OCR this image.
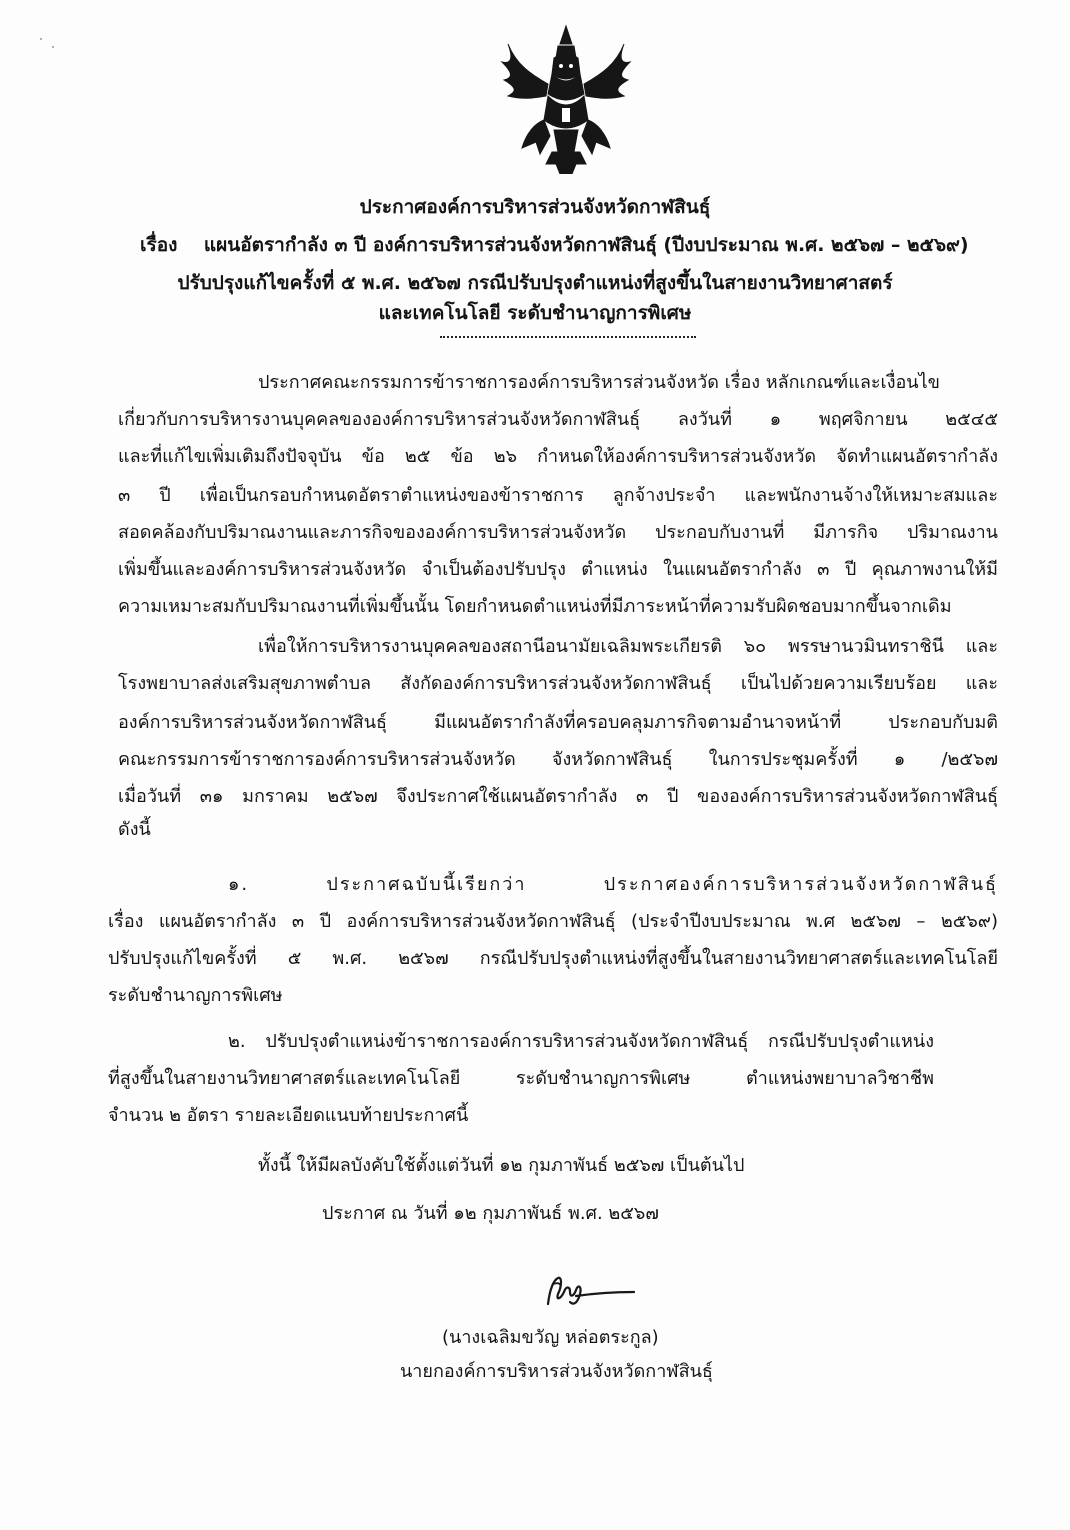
ประกาศองค์การบริหารส่วนจังหวัดกาฬสินธุ์
เรื่อง แผนอัตรากำลัง ๓ ปี องค์การบริหารส่วนจังหวัดกาฬสินธุ์ (ปีงบประมาณ พ.ศ. ๒๕๖๗ – ๒๕๖๙)
ปรับปรุงแก้ไขครั้งที่ ๕ พ.ศ. ๒๕๖๗ กรณีปรับปรุงตำแหน่งที่สูงขึ้นในสายงานวิทยาศาสตร์
และเทคโนโลยี ระดับชำนาญการพิเศษ
ประกาศคณะกรรมการข้าราชการองค์การบริหารส่วนจังหวัด เรื่อง หลักเกณฑ์และเงื่อนไข
เกี่ยวกับการบริหารงานบุคคลขององค์การบริหารส่วนจังหวัดกาฬสินธุ์ ลงวันที่ ๑ พฤศจิกายน ๒๕๔๕
และที่แก้ไขเพิ่มเติมถึงปัจจุบัน ข้อ ๒๕ ข้อ ๒๖ กำหนดให้องค์การบริหารส่วนจังหวัด จัดทำแผนอัตรากำลัง
๓ ปี เพื่อเป็นกรอบกำหนดอัตราตำแหน่งของข้าราชการ ลูกจ้างประจำ และพนักงานจ้างให้เหมาะสมและ
สอดคล้องกับปริมาณงานและภารกิจขององค์การบริหารส่วนจังหวัด ประกอบกับงานที่ มีภารกิจ ปริมาณงาน
เพิ่มขึ้นและองค์การบริหารส่วนจังหวัด จำเป็นต้องปรับปรุง ตำแหน่ง ในแผนอัตรากำลัง ๓ ปี คุณภาพงานให้มี
ความเหมาะสมกับปริมาณงานที่เพิ่มขึ้นนั้น โดยกำหนดตำแหน่งที่มีภาระหน้าที่ความรับผิดชอบมากขึ้นจากเดิม
เพื่อให้การบริหารงานบุคคลของสถานีอนามัยเฉลิมพระเกียรติ ๖๐ พรรษานวมินทราชินี และ
โรงพยาบาลส่งเสริมสุขภาพตำบล สังกัดองค์การบริหารส่วนจังหวัดกาฬสินธุ์ เป็นไปด้วยความเรียบร้อย และ
องค์การบริหารส่วนจังหวัดกาฬสินธุ์ มีแผนอัตรากำลังที่ครอบคลุมภารกิจตามอำนาจหน้าที่ ประกอบกับมติ
คณะกรรมการข้าราชการองค์การบริหารส่วนจังหวัด จังหวัดกาฬสินธุ์ ในการประชุมครั้งที่ ๑ /๒๕๖๗
เมื่อวันที่ ๓๑ มกราคม ๒๕๖๗ จึงประกาศใช้แผนอัตรากำลัง ๓ ปี ขององค์การบริหารส่วนจังหวัดกาฬสินธุ์
ดังนี้
๑. ประกาศฉบับนี้เรียกว่า ประกาศองค์การบริหารส่วนจังหวัดกาฬสินธุ์
เรื่อง แผนอัตรากำลัง ๓ ปี องค์การบริหารส่วนจังหวัดกาฬสินธุ์ (ประจำปีงบประมาณ พ.ศ ๒๕๖๗ – ๒๕๖๙)
ปรับปรุงแก้ไขครั้งที่ ๕ พ.ศ. ๒๕๖๗ กรณีปรับปรุงตำแหน่งที่สูงขึ้นในสายงานวิทยาศาสตร์และเทคโนโลยี
ระดับชำนาญการพิเศษ
๒. ปรับปรุงตำแหน่งข้าราชการองค์การบริหารส่วนจังหวัดกาฬสินธุ์ กรณีปรับปรุงตำแหน่ง
ที่สูงขึ้นในสายงานวิทยาศาสตร์และเทคโนโลยี ระดับชำนาญการพิเศษ ตำแหน่งพยาบาลวิชาชีพ
จำนวน ๒ อัตรา รายละเอียดแนบท้ายประกาศนี้
ทั้งนี้ ให้มีผลบังคับใช้ตั้งแต่วันที่ ๑๒ กุมภาพันธ์ ๒๕๖๗ เป็นต้นไป
ประกาศ ณ วันที่ ๑๒ กุมภาพันธ์ พ.ศ. ๒๕๖๗
(นางเฉลิมขวัญ หล่อตระกูล)
นายกองค์การบริหารส่วนจังหวัดกาฬสินธุ์
